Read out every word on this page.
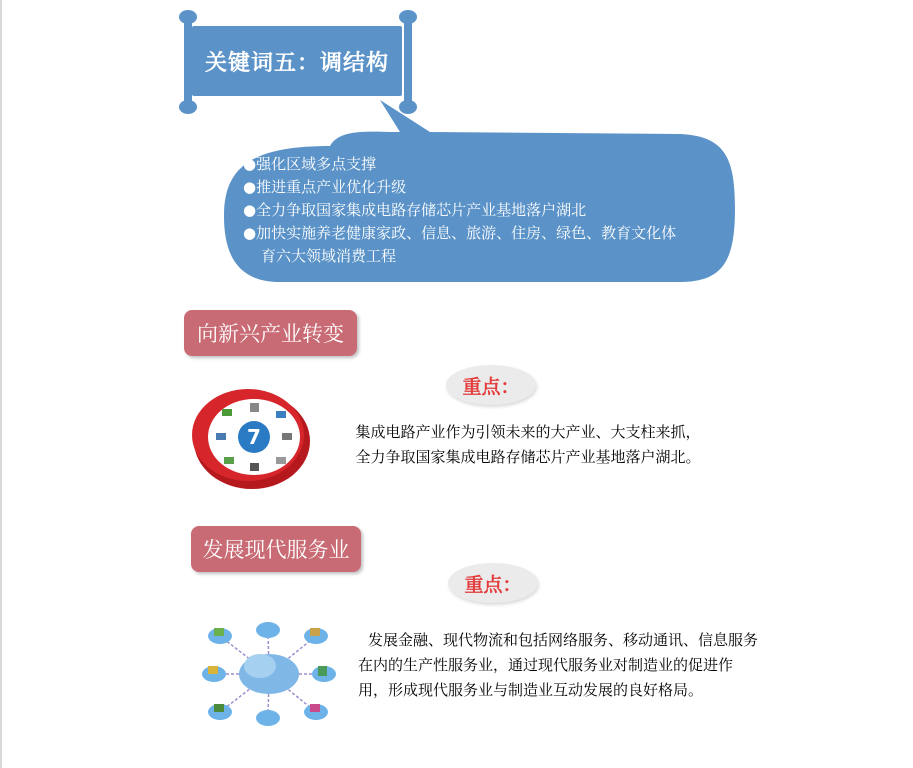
关键词五：调结构
●强化区域多点支撑
●推进重点产业优化升级
●全力争取国家集成电路存储芯片产业基地落户湖北
●加快实施养老健康家政、信息、旅游、住房、绿色、教育文化体
育六大领域消费工程
向新兴产业转变
重点：
7	集成电路产业作为引领未来的大产业、大支柱来抓，
全力争取国家集成电路存储芯片产业基地落户湖北。
发展现代服务业
重点：
发展金融、现代物流和包括网络服务、移动通讯、信息服务在内的生产性服务业，通过现代服务业对制造业的促进作用，形成现代服务业与制造业互动发展的良好格局。
